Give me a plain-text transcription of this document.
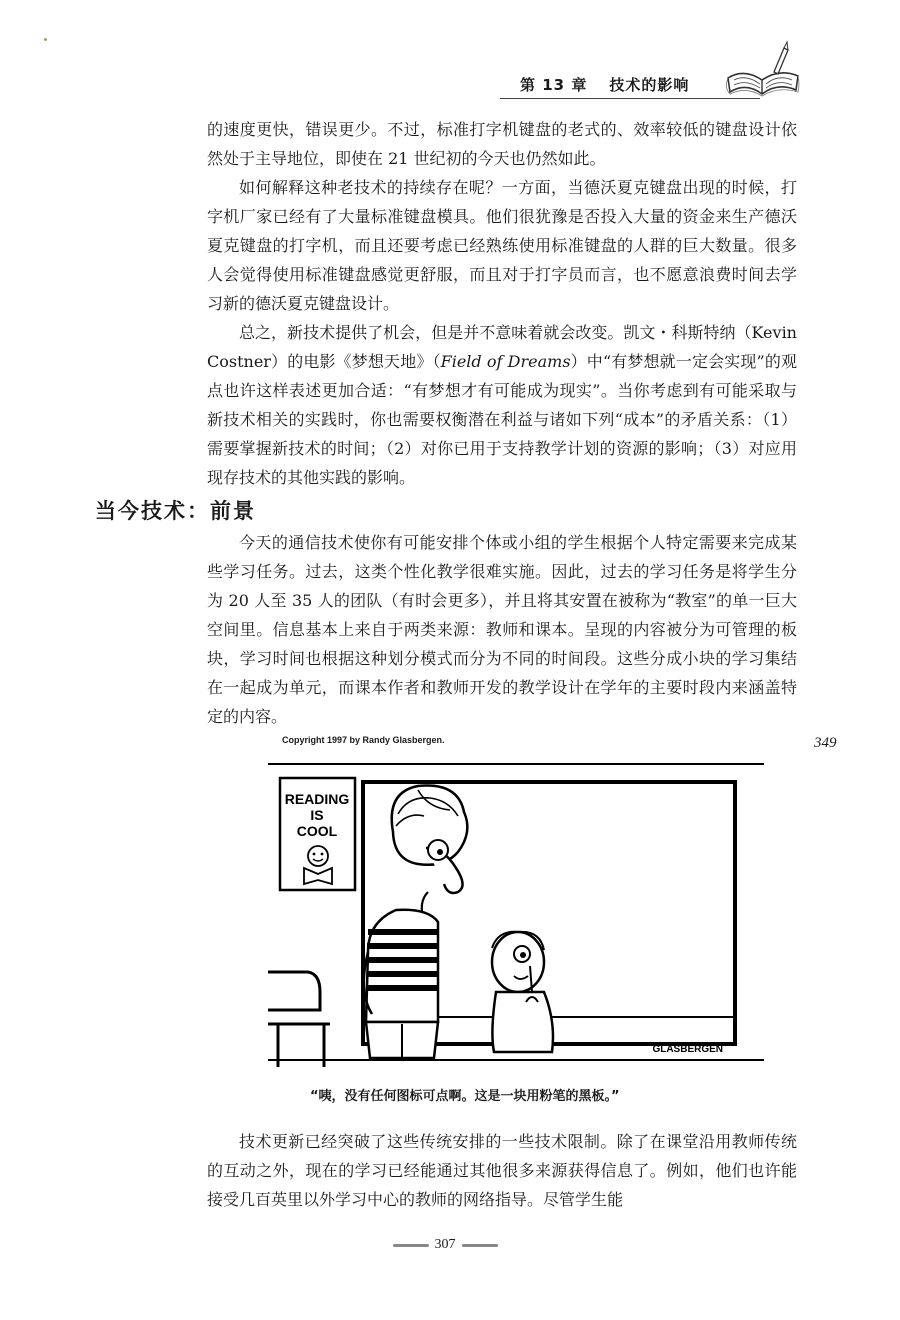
第 13 章 技术的影响

的速度更快，错误更少。不过，标准打字机键盘的老式的、效率较低的键盘设计依然处于主导地位，即使在 21 世纪初的今天也仍然如此。

如何解释这种老技术的持续存在呢？一方面，当德沃夏克键盘出现的时候，打字机厂家已经有了大量标准键盘模具。他们很犹豫是否投入大量的资金来生产德沃夏克键盘的打字机，而且还要考虑已经熟练使用标准键盘的人群的巨大数量。很多人会觉得使用标准键盘感觉更舒服，而且对于打字员而言，也不愿意浪费时间去学习新的德沃夏克键盘设计。

总之，新技术提供了机会，但是并不意味着就会改变。凯文・科斯特纳（Kevin Costner）的电影《梦想天地》（Field of Dreams）中“有梦想就一定会实现”的观点也许这样表述更加合适：“有梦想才有可能成为现实”。当你考虑到有可能采取与新技术相关的实践时，你也需要权衡潜在利益与诸如下列“成本”的矛盾关系：（1）需要掌握新技术的时间；（2）对你已用于支持教学计划的资源的影响；（3）对应用现存技术的其他实践的影响。

当今技术：前景

今天的通信技术使你有可能安排个体或小组的学生根据个人特定需要来完成某些学习任务。过去，这类个性化教学很难实施。因此，过去的学习任务是将学生分为 20 人至 35 人的团队（有时会更多），并且将其安置在被称为“教室”的单一巨大空间里。信息基本上来自于两类来源：教师和课本。呈现的内容被分为可管理的板块，学习时间也根据这种划分模式而分为不同的时间段。这些分成小块的学习集结在一起成为单元，而课本作者和教师开发的教学设计在学年的主要时段内来涵盖特定的内容。

Copyright 1997 by Randy Glasbergen.	349

READING
IS
COOL
GLASBERGEN

“咦，没有任何图标可点啊。这是一块用粉笔的黑板。”

技术更新已经突破了这些传统安排的一些技术限制。除了在课堂沿用教师传统的互动之外，现在的学习已经能通过其他很多来源获得信息了。例如，他们也许能接受几百英里以外学习中心的教师的网络指导。尽管学生能

307
